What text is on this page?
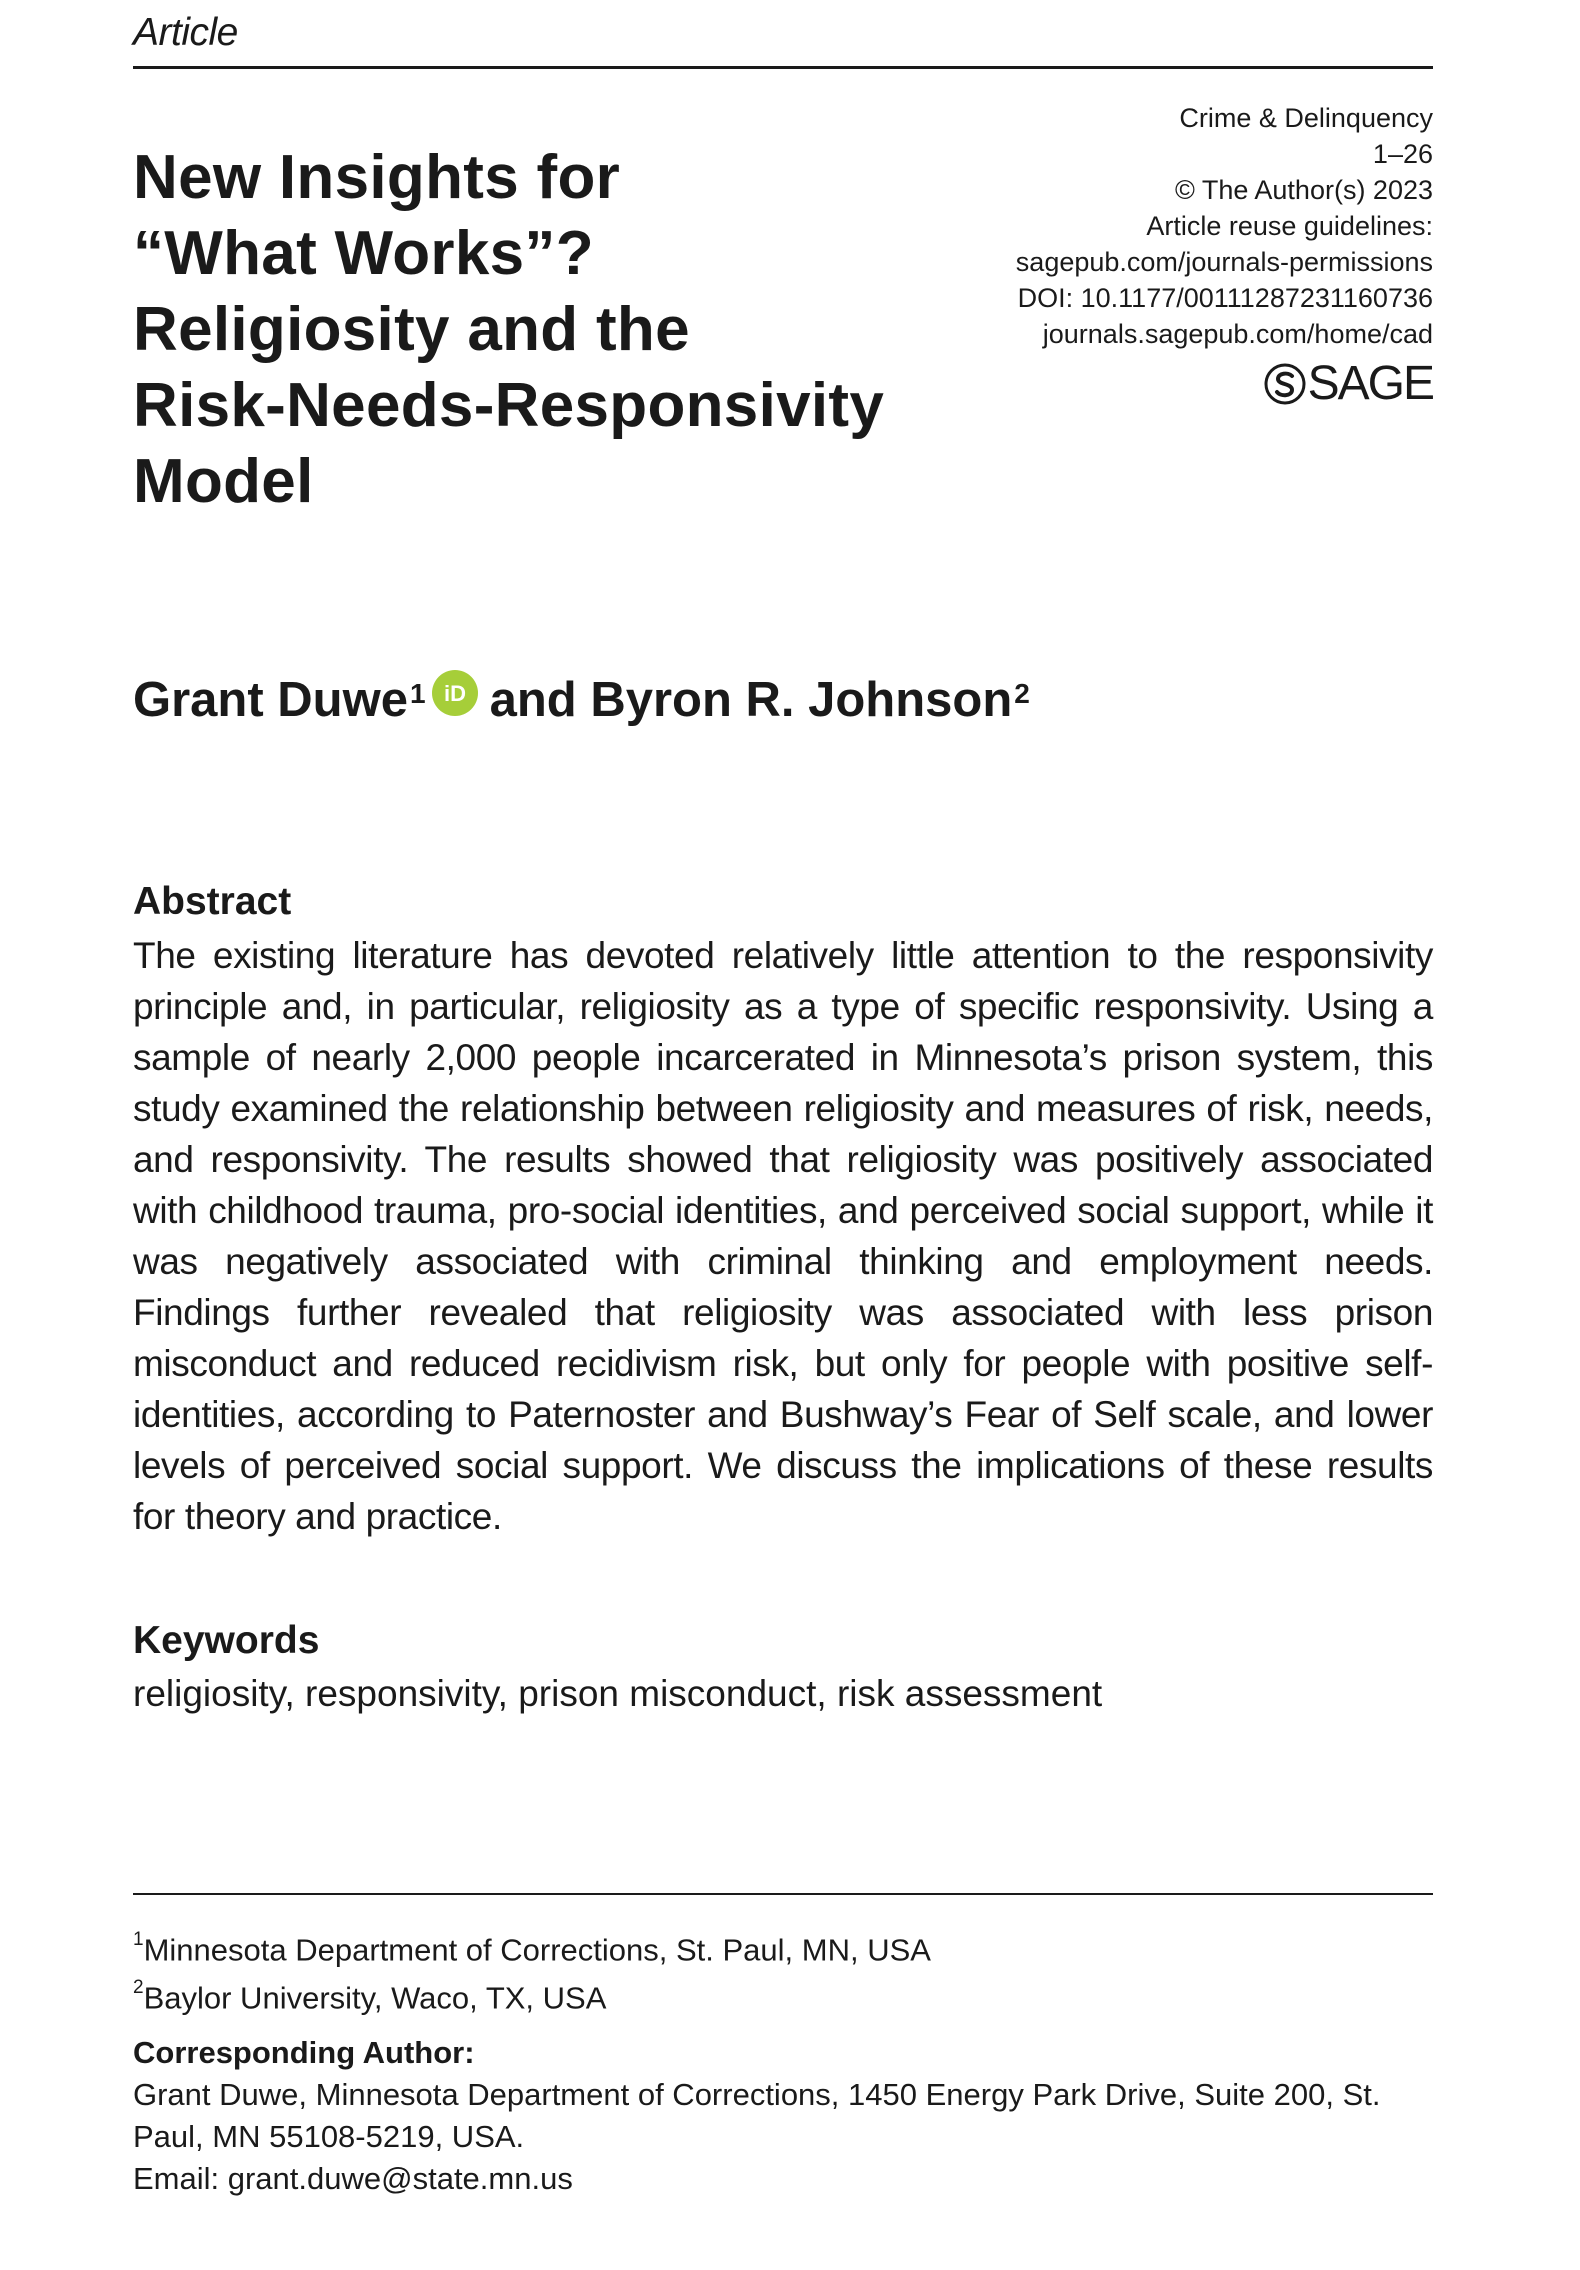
Article
Crime & Delinquency
1–26
© The Author(s) 2023
Article reuse guidelines:
sagepub.com/journals-permissions
DOI: 10.1177/00111287231160736
journals.sagepub.com/home/cad
SAGE
New Insights for
“What Works”?
Religiosity and the
Risk-Needs-Responsivity
Model
Grant Duwe$^1$ iD and
Byron R. Johnson$^2$
Abstract
The existing literature has devoted relatively little attention to the responsivity principle and, in particular, religiosity as a type of specific responsivity. Using a sample of nearly 2,000 people incarcerated in Minnesota’s prison system, this study examined the relationship between religiosity and measures of risk, needs, and responsivity. The results showed that religiosity was positively associated with childhood trauma, pro-social identities, and perceived social support, while it was negatively associated with criminal thinking and employment needs. Findings further revealed that religiosity was associated with less prison misconduct and reduced recidivism risk, but only for people with positive self-identities, according to Paternoster and Bushway’s Fear of Self scale, and lower levels of perceived social support. We discuss the implications of these results for theory and practice.
Keywords
religiosity, responsivity, prison misconduct, risk assessment
$^1$Minnesota Department of Corrections, St. Paul, MN, USA
$^2$Baylor University, Waco, TX, USA
Corresponding Author:
Grant Duwe, Minnesota Department of Corrections, 1450 Energy Park Drive, Suite 200, St. Paul, MN 55108-5219, USA.
Email: grant.duwe@state.mn.us
